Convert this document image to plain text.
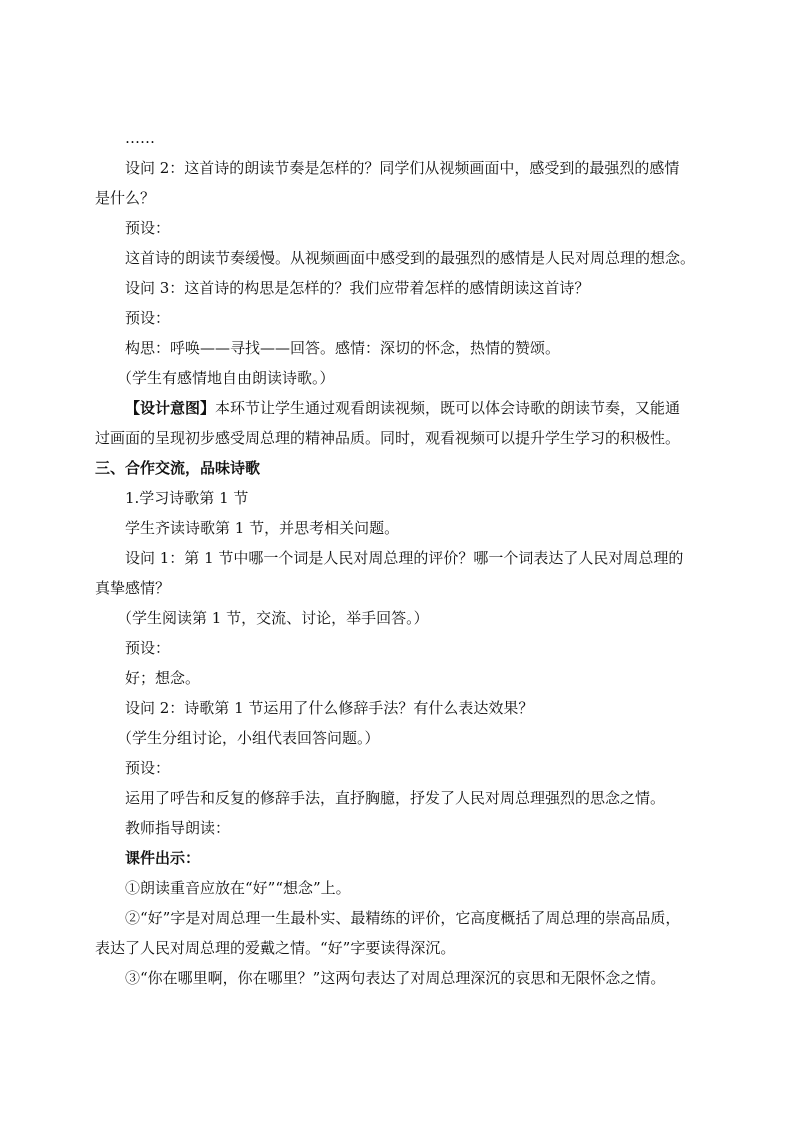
……

设问 2：这首诗的朗读节奏是怎样的？同学们从视频画面中，感受到的最强烈的感情

是什么？

预设：

这首诗的朗读节奏缓慢。从视频画面中感受到的最强烈的感情是人民对周总理的想念。

设问 3：这首诗的构思是怎样的？我们应带着怎样的感情朗读这首诗？

预设：

构思：呼唤——寻找——回答。感情：深切的怀念，热情的赞颂。

（学生有感情地自由朗读诗歌。）

【设计意图】本环节让学生通过观看朗读视频，既可以体会诗歌的朗读节奏，又能通

过画面的呈现初步感受周总理的精神品质。同时，观看视频可以提升学生学习的积极性。

三、合作交流，品味诗歌

1.学习诗歌第 1 节

学生齐读诗歌第 1 节，并思考相关问题。

设问 1：第 1 节中哪一个词是人民对周总理的评价？哪一个词表达了人民对周总理的

真挚感情？

（学生阅读第 1 节，交流、讨论，举手回答。）

预设：

好；想念。

设问 2：诗歌第 1 节运用了什么修辞手法？有什么表达效果？

（学生分组讨论，小组代表回答问题。）

预设：

运用了呼告和反复的修辞手法，直抒胸臆，抒发了人民对周总理强烈的思念之情。

教师指导朗读：

课件出示：

①朗读重音应放在“好”“想念”上。

②“好”字是对周总理一生最朴实、最精练的评价，它高度概括了周总理的崇高品质，

表达了人民对周总理的爱戴之情。“好”字要读得深沉。

③“你在哪里啊，你在哪里？”这两句表达了对周总理深沉的哀思和无限怀念之情。
